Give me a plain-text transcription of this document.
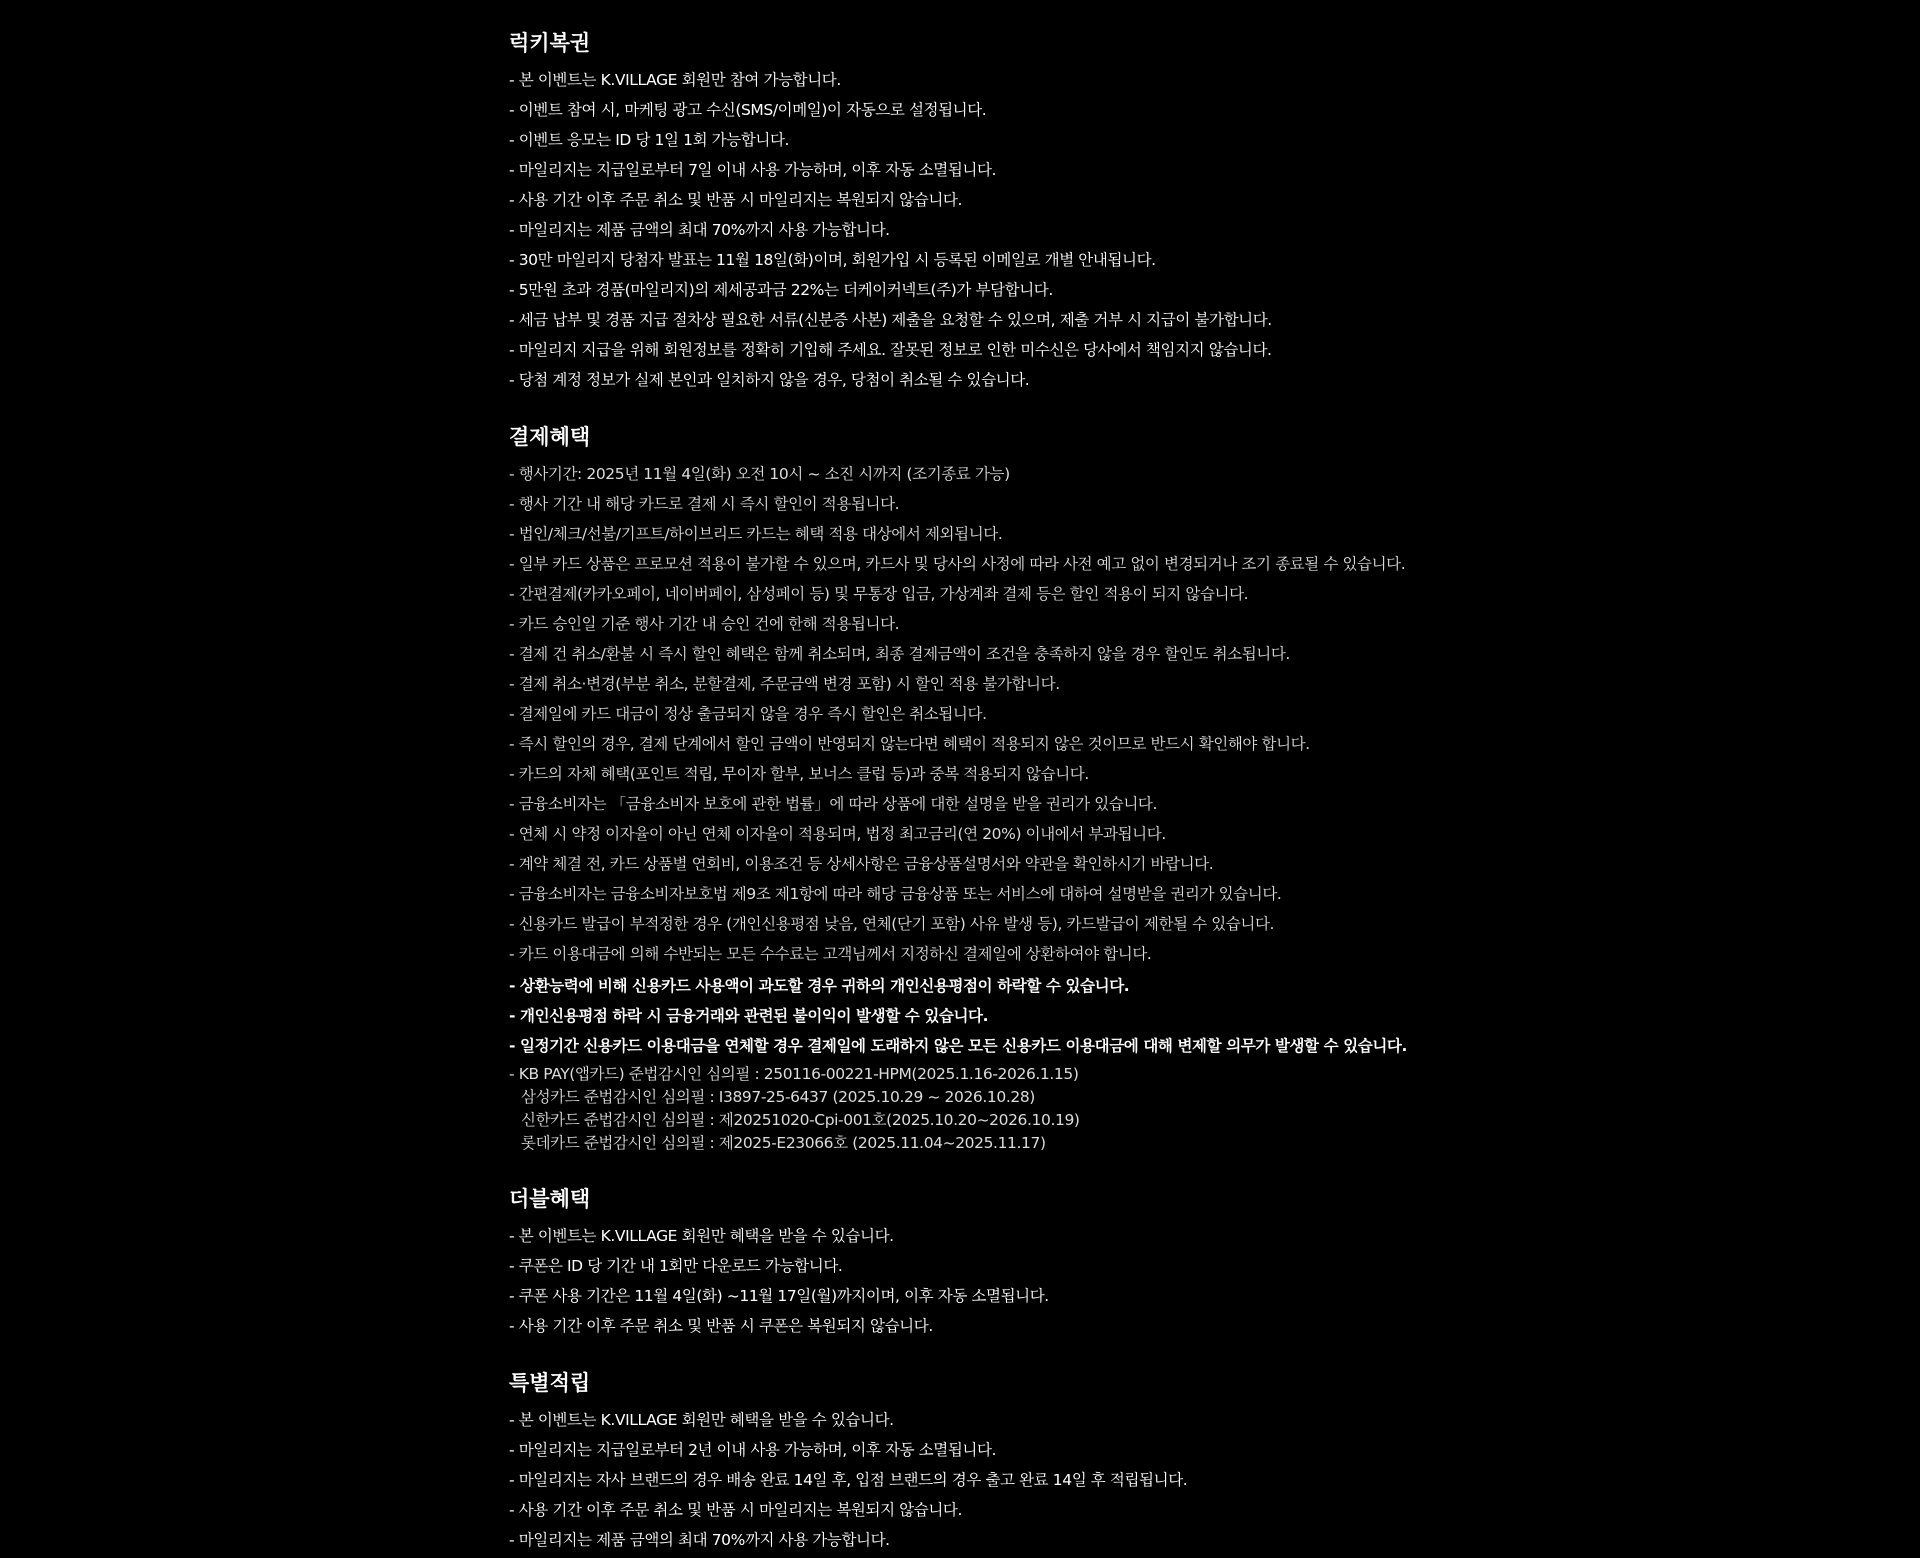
럭키복권

- 본 이벤트는 K.VILLAGE 회원만 참여 가능합니다.

- 이벤트 참여 시, 마케팅 광고 수신(SMS/이메일)이 자동으로 설정됩니다.

- 이벤트 응모는 ID 당 1일 1회 가능합니다.

- 마일리지는 지급일로부터 7일 이내 사용 가능하며, 이후 자동 소멸됩니다.

- 사용 기간 이후 주문 취소 및 반품 시 마일리지는 복원되지 않습니다.

- 마일리지는 제품 금액의 최대 70%까지 사용 가능합니다.

- 30만 마일리지 당첨자 발표는 11월 18일(화)이며, 회원가입 시 등록된 이메일로 개별 안내됩니다.

- 5만원 초과 경품(마일리지)의 제세공과금 22%는 더케이커넥트(주)가 부담합니다.

- 세금 납부 및 경품 지급 절차상 필요한 서류(신분증 사본) 제출을 요청할 수 있으며, 제출 거부 시 지급이 불가합니다.

- 마일리지 지급을 위해 회원정보를 정확히 기입해 주세요. 잘못된 정보로 인한 미수신은 당사에서 책임지지 않습니다.

- 당첨 계정 정보가 실제 본인과 일치하지 않을 경우, 당첨이 취소될 수 있습니다.

결제혜택

- 행사기간: 2025년 11월 4일(화) 오전 10시 ~ 소진 시까지 (조기종료 가능)

- 행사 기간 내 해당 카드로 결제 시 즉시 할인이 적용됩니다.

- 법인/체크/선불/기프트/하이브리드 카드는 혜택 적용 대상에서 제외됩니다.

- 일부 카드 상품은 프로모션 적용이 불가할 수 있으며, 카드사 및 당사의 사정에 따라 사전 예고 없이 변경되거나 조기 종료될 수 있습니다.

- 간편결제(카카오페이, 네이버페이, 삼성페이 등) 및 무통장 입금, 가상계좌 결제 등은 할인 적용이 되지 않습니다.

- 카드 승인일 기준 행사 기간 내 승인 건에 한해 적용됩니다.

- 결제 건 취소/환불 시 즉시 할인 혜택은 함께 취소되며, 최종 결제금액이 조건을 충족하지 않을 경우 할인도 취소됩니다.

- 결제 취소·변경(부분 취소, 분할결제, 주문금액 변경 포함) 시 할인 적용 불가합니다.

- 결제일에 카드 대금이 정상 출금되지 않을 경우 즉시 할인은 취소됩니다.

- 즉시 할인의 경우, 결제 단계에서 할인 금액이 반영되지 않는다면 혜택이 적용되지 않은 것이므로 반드시 확인해야 합니다.

- 카드의 자체 혜택(포인트 적립, 무이자 할부, 보너스 클럽 등)과 중복 적용되지 않습니다.

- 금융소비자는 「금융소비자 보호에 관한 법률」에 따라 상품에 대한 설명을 받을 권리가 있습니다.

- 연체 시 약정 이자율이 아닌 연체 이자율이 적용되며, 법정 최고금리(연 20%) 이내에서 부과됩니다.

- 계약 체결 전, 카드 상품별 연회비, 이용조건 등 상세사항은 금융상품설명서와 약관을 확인하시기 바랍니다.

- 금융소비자는 금융소비자보호법 제9조 제1항에 따라 해당 금융상품 또는 서비스에 대하여 설명받을 권리가 있습니다.

- 신용카드 발급이 부적정한 경우 (개인신용평점 낮음, 연체(단기 포함) 사유 발생 등), 카드발급이 제한될 수 있습니다.

- 카드 이용대금에 의해 수반되는 모든 수수료는 고객님께서 지정하신 결제일에 상환하여야 합니다.

- 상환능력에 비해 신용카드 사용액이 과도할 경우 귀하의 개인신용평점이 하락할 수 있습니다.

- 개인신용평점 하락 시 금융거래와 관련된 불이익이 발생할 수 있습니다.

- 일정기간 신용카드 이용대금을 연체할 경우 결제일에 도래하지 않은 모든 신용카드 이용대금에 대해 변제할 의무가 발생할 수 있습니다.

- KB PAY(앱카드) 준법감시인 심의필 : 250116-00221-HPM(2025.1.16-2026.1.15)

삼성카드 준법감시인 심의필 : I3897-25-6437 (2025.10.29 ~ 2026.10.28)

신한카드 준법감시인 심의필 : 제20251020-Cpi-001호(2025.10.20~2026.10.19)

롯데카드 준법감시인 심의필 : 제2025-E23066호 (2025.11.04~2025.11.17)

더블혜택

- 본 이벤트는 K.VILLAGE 회원만 혜택을 받을 수 있습니다.

- 쿠폰은 ID 당 기간 내 1회만 다운로드 가능합니다.

- 쿠폰 사용 기간은 11월 4일(화) ~11월 17일(월)까지이며, 이후 자동 소멸됩니다.

- 사용 기간 이후 주문 취소 및 반품 시 쿠폰은 복원되지 않습니다.

특별적립

- 본 이벤트는 K.VILLAGE 회원만 혜택을 받을 수 있습니다.

- 마일리지는 지급일로부터 2년 이내 사용 가능하며, 이후 자동 소멸됩니다.

- 마일리지는 자사 브랜드의 경우 배송 완료 14일 후, 입점 브랜드의 경우 출고 완료 14일 후 적립됩니다.

- 사용 기간 이후 주문 취소 및 반품 시 마일리지는 복원되지 않습니다.

- 마일리지는 제품 금액의 최대 70%까지 사용 가능합니다.
